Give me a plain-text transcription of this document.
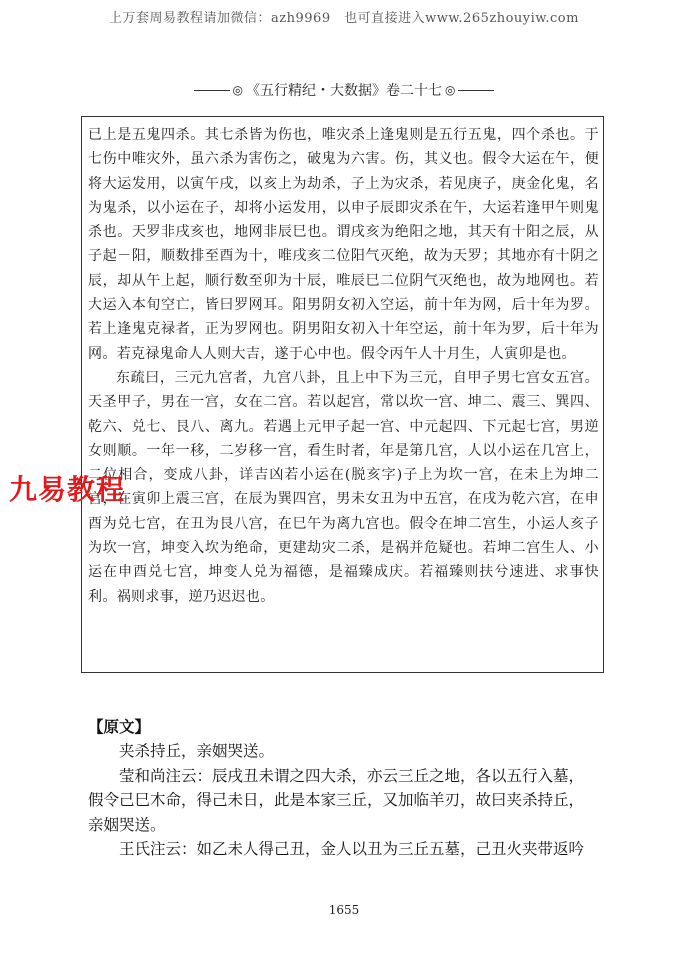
上万套周易教程请加微信：azh9969　也可直接进入www.265zhouyiw.com
◎ 《五行精纪・大数据》卷二十七 ◎

已上是五鬼四杀。其七杀皆为伤也，唯灾杀上逢鬼则是五行五鬼，四个杀也。于七伤中唯灾外，虽六杀为害伤之，破鬼为六害。伤，其义也。假令大运在午，便将大运发用，以寅午戌，以亥上为劫杀，子上为灾杀，若见庚子，庚金化鬼，名为鬼杀，以小运在子，却将小运发用，以申子辰即灾杀在午，大运若逢甲午则鬼杀也。天罗非戌亥也，地网非辰巳也。谓戌亥为绝阳之地，其天有十阳之辰，从子起－阳，顺数排至酉为十，唯戌亥二位阳气灭绝，故为天罗；其地亦有十阴之辰，却从午上起，顺行数至卯为十辰，唯辰巳二位阴气灭绝也，故为地网也。若大运入本旬空亡，皆曰罗网耳。阳男阴女初入空运，前十年为网，后十年为罗。若上逢鬼克禄者，正为罗网也。阴男阳女初入十年空运，前十年为罗，后十年为网。若克禄鬼命人人则大吉，遂于心中也。假令丙午人十月生，人寅卯是也。

东疏曰，三元九宫者，九宫八卦，且上中下为三元，自甲子男七宫女五宫。天圣甲子，男在一宫，女在二宫。若以起宫，常以坎一宫、坤二、震三、巽四、乾六、兑七、艮八、离九。若遇上元甲子起一宫、中元起四、下元起七宫，男逆女则顺。一年一移，二岁移一宫，看生时者，年是第几宫，人以小运在几宫上，二位相合，变成八卦，详吉凶若小运在(脱亥字)子上为坎一宫，在未上为坤二宫，在寅卯上震三宫，在辰为巽四宫，男未女丑为中五宫，在戌为乾六宫，在申酉为兑七宫，在丑为艮八宫，在巳午为离九宫也。假令在坤二宫生，小运人亥子为坎一宫，坤变入坎为绝命，更建劫灾二杀，是祸并危疑也。若坤二宫生人、小运在申酉兑七宫，坤变人兑为福德，是福臻成庆。若福臻则扶兮速进、求事快利。祸则求事，逆乃迟迟也。

九易教程
【原文】

夹杀持丘，亲姻哭送。

莹和尚注云：辰戌丑未谓之四大杀，亦云三丘之地，各以五行入墓，假令己巳木命，得己未日，此是本家三丘，又加临羊刃，故曰夹杀持丘，亲姻哭送。

王氏注云：如乙未人得己丑，金人以丑为三丘五墓，己丑火夹带返吟

1655
